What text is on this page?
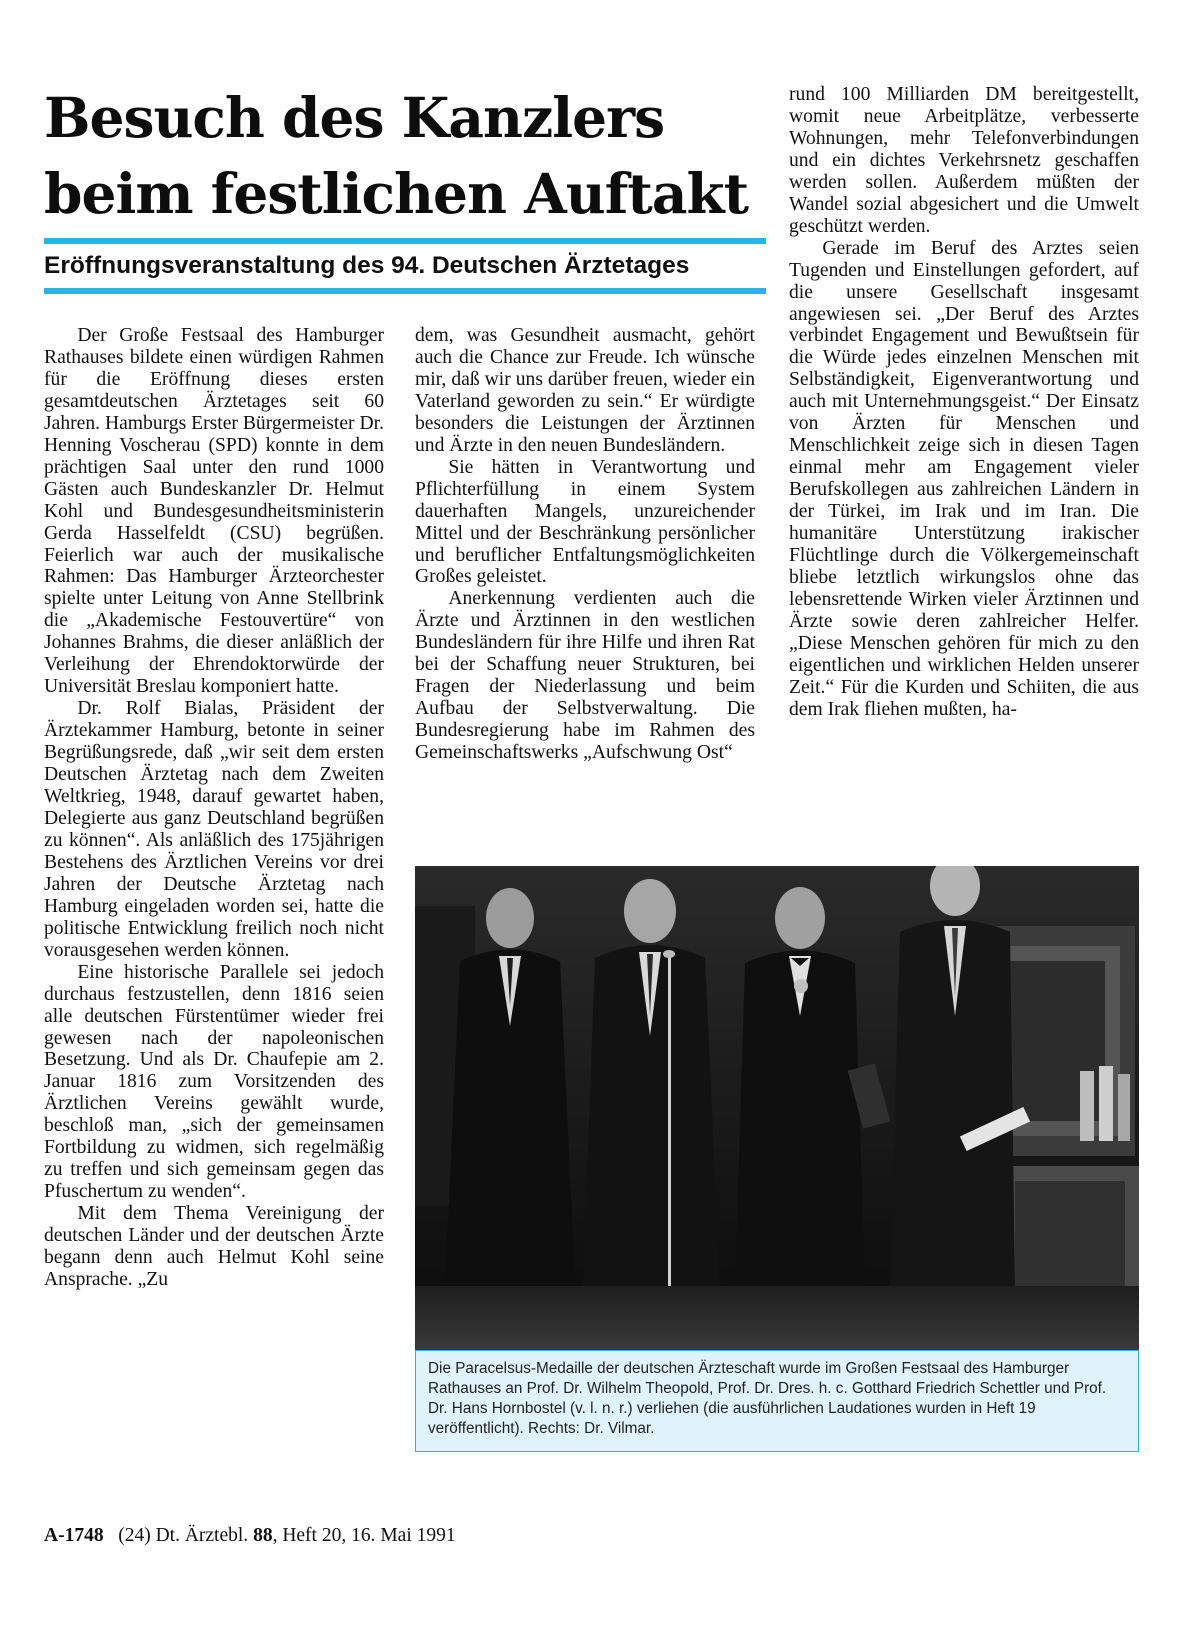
Besuch des Kanzlers
beim festlichen Auftakt
Eröffnungsveranstaltung des 94. Deutschen Ärztetages

Der Große Festsaal des Hamburger Rathauses bildete einen würdigen Rahmen für die Eröffnung dieses ersten gesamtdeutschen Ärztetages seit 60 Jahren. Hamburgs Erster Bürgermeister Dr. Henning Voscherau (SPD) konnte in dem prächtigen Saal unter den rund 1000 Gästen auch Bundeskanzler Dr. Helmut Kohl und Bundesgesundheitsministerin Gerda Hasselfeldt (CSU) begrüßen. Feierlich war auch der musikalische Rahmen: Das Hamburger Ärzteorchester spielte unter Leitung von Anne Stellbrink die „Akademische Festouvertüre“ von Johannes Brahms, die dieser anläßlich der Verleihung der Ehrendoktorwürde der Universität Breslau komponiert hatte.

Dr. Rolf Bialas, Präsident der Ärztekammer Hamburg, betonte in seiner Begrüßungsrede, daß „wir seit dem ersten Deutschen Ärztetag nach dem Zweiten Weltkrieg, 1948, darauf gewartet haben, Delegierte aus ganz Deutschland begrüßen zu können“. Als anläßlich des 175jährigen Bestehens des Ärztlichen Vereins vor drei Jahren der Deutsche Ärztetag nach Hamburg eingeladen worden sei, hatte die politische Entwicklung freilich noch nicht vorausgesehen werden können.

Eine historische Parallele sei jedoch durchaus festzustellen, denn 1816 seien alle deutschen Fürstentümer wieder frei gewesen nach der napoleonischen Besetzung. Und als Dr. Chaufepie am 2. Januar 1816 zum Vorsitzenden des Ärztlichen Vereins gewählt wurde, beschloß man, „sich der gemeinsamen Fortbildung zu widmen, sich regelmäßig zu treffen und sich gemeinsam gegen das Pfuschertum zu wenden“.

Mit dem Thema Vereinigung der deutschen Länder und der deutschen Ärzte begann denn auch Helmut Kohl seine Ansprache. „Zu

dem, was Gesundheit ausmacht, gehört auch die Chance zur Freude. Ich wünsche mir, daß wir uns darüber freuen, wieder ein Vaterland geworden zu sein.“ Er würdigte besonders die Leistungen der Ärztinnen und Ärzte in den neuen Bundesländern.

Sie hätten in Verantwortung und Pflichterfüllung in einem System dauerhaften Mangels, unzureichender Mittel und der Beschränkung persönlicher und beruflicher Entfaltungsmöglichkeiten Großes geleistet.

Anerkennung verdienten auch die Ärzte und Ärztinnen in den westlichen Bundesländern für ihre Hilfe und ihren Rat bei der Schaffung neuer Strukturen, bei Fragen der Niederlassung und beim Aufbau der Selbstverwaltung. Die Bundesregierung habe im Rahmen des Gemeinschaftswerks „Aufschwung Ost“

rund 100 Milliarden DM bereitgestellt, womit neue Arbeitplätze, verbesserte Wohnungen, mehr Telefonverbindungen und ein dichtes Verkehrsnetz geschaffen werden sollen. Außerdem müßten der Wandel sozial abgesichert und die Umwelt geschützt werden.

Gerade im Beruf des Arztes seien Tugenden und Einstellungen gefordert, auf die unsere Gesellschaft insgesamt angewiesen sei. „Der Beruf des Arztes verbindet Engagement und Bewußtsein für die Würde jedes einzelnen Menschen mit Selbständigkeit, Eigenverantwortung und auch mit Unternehmungsgeist.“ Der Einsatz von Ärzten für Menschen und Menschlichkeit zeige sich in diesen Tagen einmal mehr am Engagement vieler Berufskollegen aus zahlreichen Ländern in der Türkei, im Irak und im Iran. Die humanitäre Unterstützung irakischer Flüchtlinge durch die Völkergemeinschaft bliebe letztlich wirkungslos ohne das lebensrettende Wirken vieler Ärztinnen und Ärzte sowie deren zahlreicher Helfer. „Diese Menschen gehören für mich zu den eigentlichen und wirklichen Helden unserer Zeit.“ Für die Kurden und Schiiten, die aus dem Irak fliehen mußten, ha-

Die Paracelsus-Medaille der deutschen Ärzteschaft wurde im Großen Festsaal des Hamburger Rathauses an Prof. Dr. Wilhelm Theopold, Prof. Dr. Dres. h. c. Gotthard Friedrich Schettler und Prof. Dr. Hans Hornbostel (v. l. n. r.) verliehen (die ausführlichen Laudationes wurden in Heft 19 veröffentlicht). Rechts: Dr. Vilmar.
A-1748 (24) Dt. Ärztebl. 88, Heft 20, 16. Mai 1991
